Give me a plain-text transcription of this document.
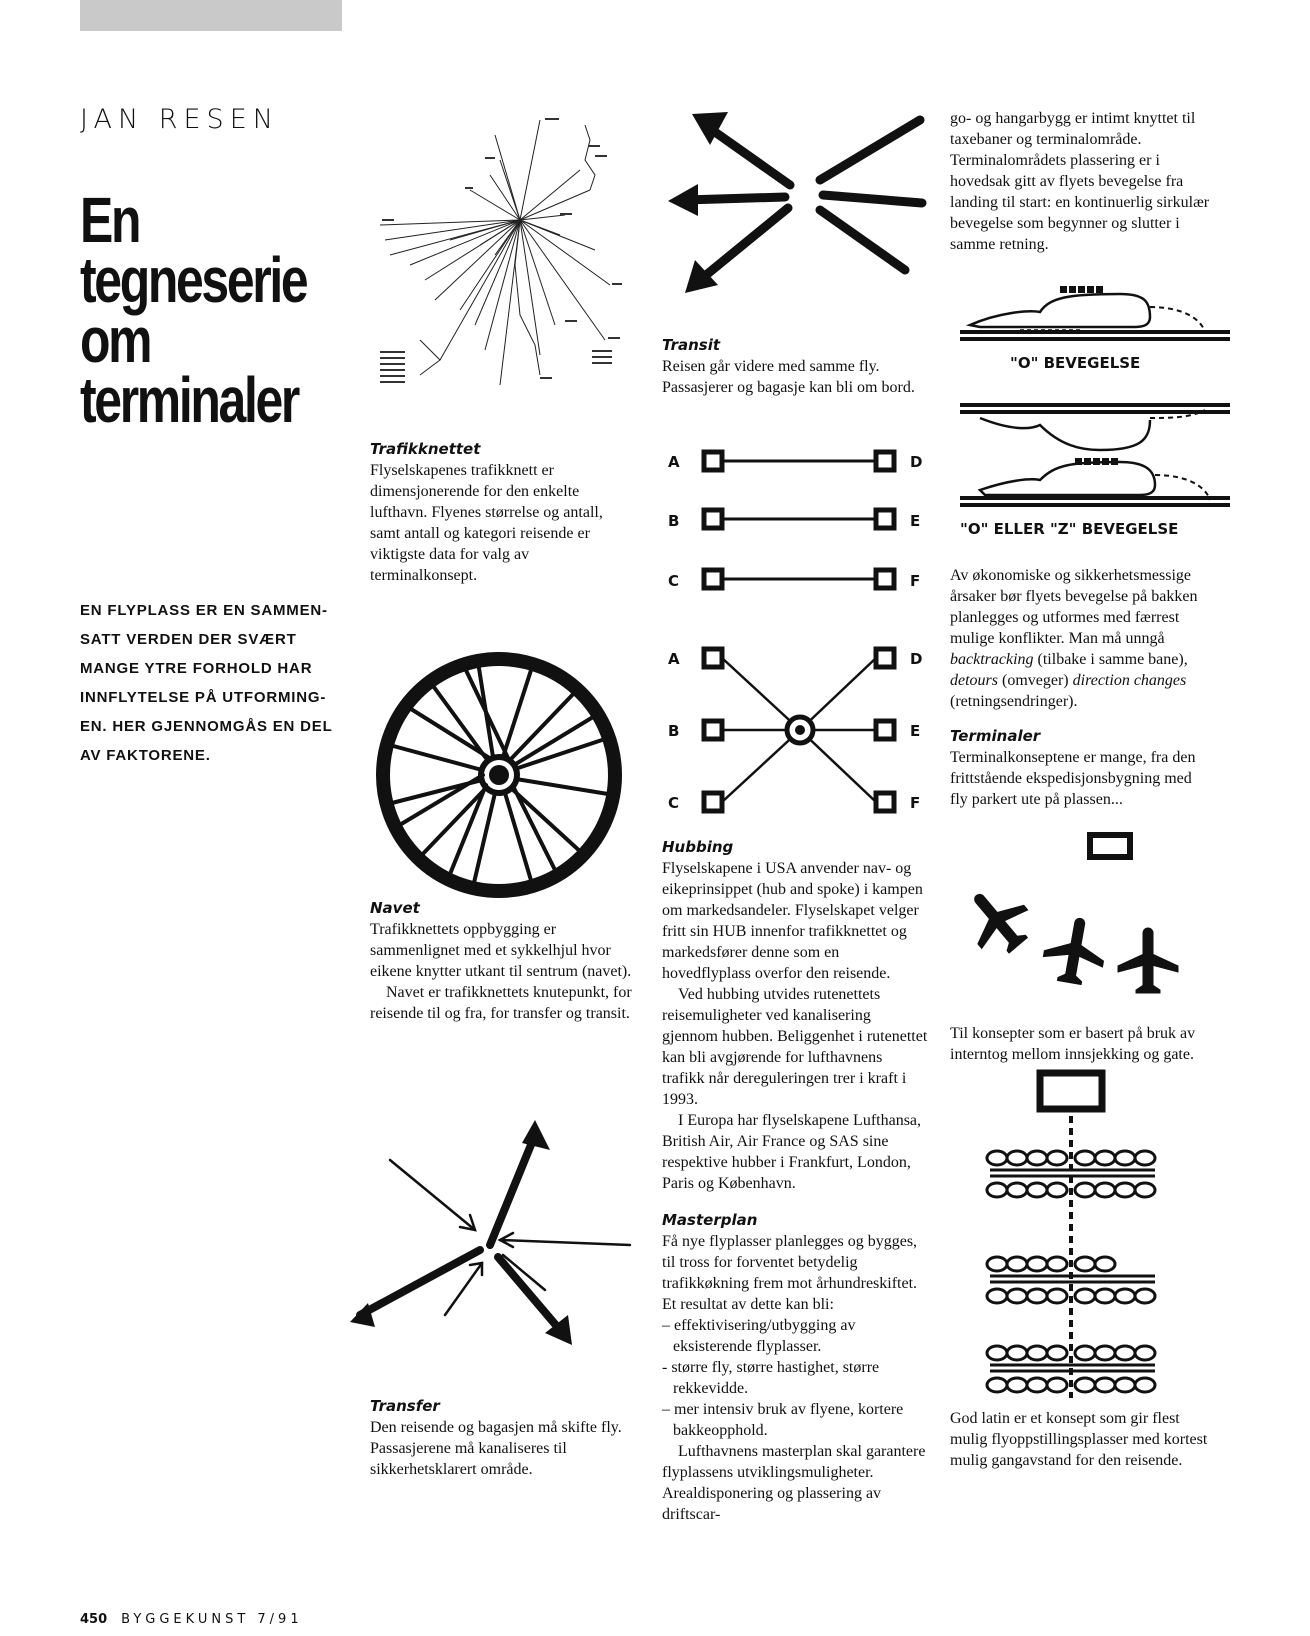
JAN RESEN
En
tegneserie
om
terminaler

EN FLYPLASS ER EN SAMMEN-

SATT VERDEN DER SVÆRT

MANGE YTRE FORHOLD HAR

INNFLYTELSE PÅ UTFORMING-

EN. HER GJENNOMGÅS EN DEL

AV FAKTORENE.

Trafikknettet

Flyselskapenes trafikknett er dimensjonerende for den enkelte lufthavn. Flyenes størrelse og antall, samt antall og kategori reisende er viktigste data for valg av terminalkonsept.

Navet

Trafikknettets oppbygging er sammenlignet med et sykkelhjul hvor eikene knytter utkant til sentrum (navet).

Navet er trafikknettets knutepunkt, for reisende til og fra, for transfer og transit.

Transfer

Den reisende og bagasjen må skifte fly. Passasjerene må kanaliseres til sikkerhetsklarert område.

Transit

Reisen går videre med samme fly. Passasjerer og bagasje kan bli om bord.

A
B
C
D
E
F
A
B
C
D
E
F

Hubbing

Flyselskapene i USA anvender nav- og eikeprinsippet (hub and spoke) i kampen om markedsandeler. Flyselskapet velger fritt sin HUB innenfor trafikknettet og markedsfører denne som en hovedflyplass overfor den reisende.

Ved hubbing utvides rutenettets reisemuligheter ved kanalisering gjennom hubben. Beliggenhet i rutenettet kan bli avgjørende for lufthavnens trafikk når dereguleringen trer i kraft i 1993.

I Europa har flyselskapene Lufthansa, British Air, Air France og SAS sine respektive hubber i Frankfurt, London, Paris og København.

Masterplan

Få nye flyplasser planlegges og bygges, til tross for forventet betydelig trafikkøkning frem mot århundreskiftet. Et resultat av dette kan bli:

– effektivisering/utbygging av eksisterende flyplasser.

- større fly, større hastighet, større rekkevidde.

– mer intensiv bruk av flyene, kortere bakkeopphold.

Lufthavnens masterplan skal garantere flyplassens utviklingsmuligheter. Arealdisponering og plassering av driftscar-

go- og hangarbygg er intimt knyttet til taxebaner og terminalområde. Terminalområdets plassering er i hovedsak gitt av flyets bevegelse fra landing til start: en kontinuerlig sirkulær bevegelse som begynner og slutter i samme retning.

"O" BEVEGELSE
"O" ELLER "Z" BEVEGELSE

Av økonomiske og sikkerhetsmessige årsaker bør flyets bevegelse på bakken planlegges og utformes med færrest mulige konflikter. Man må unngå backtracking (tilbake i samme bane), detours (omveger) direction changes (retningsendringer).

Terminaler

Terminalkonseptene er mange, fra den frittstående ekspedisjonsbygning med fly parkert ute på plassen...

Til konsepter som er basert på bruk av interntog mellom innsjekking og gate.

God latin er et konsept som gir flest mulig flyoppstillingsplasser med kortest mulig gangavstand for den reisende.

450 BYGGEKUNST 7/91
